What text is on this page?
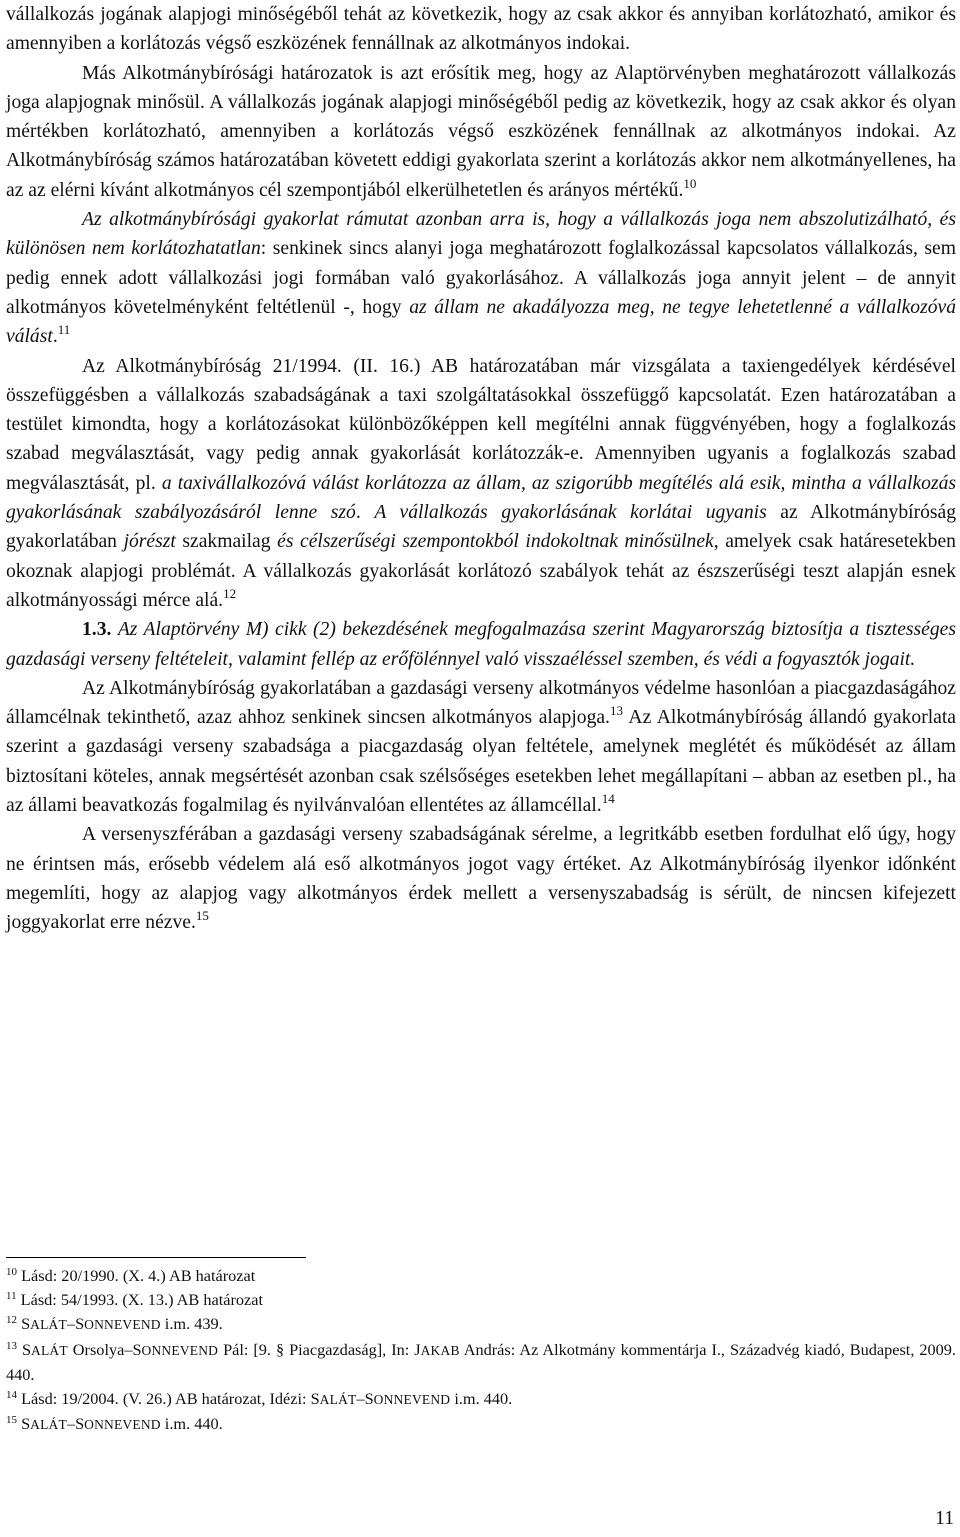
vállalkozás jogának alapjogi minőségéből tehát az következik, hogy az csak akkor és annyiban korlátozható, amikor és amennyiben a korlátozás végső eszközének fennállnak az alkotmányos indokai.

Más Alkotmánybírósági határozatok is azt erősítik meg, hogy az Alaptörvényben meghatározott vállalkozás joga alapjognak minősül. A vállalkozás jogának alapjogi minőségéből pedig az következik, hogy az csak akkor és olyan mértékben korlátozható, amennyiben a korlátozás végső eszközének fennállnak az alkotmányos indokai. Az Alkotmánybíróság számos határozatában követett eddigi gyakorlata szerint a korlátozás akkor nem alkotmányellenes, ha az az elérni kívánt alkotmányos cél szempontjából elkerülhetetlen és arányos mértékű.$^{10}$

Az alkotmánybírósági gyakorlat rámutat azonban arra is, hogy a vállalkozás joga nem abszolutizálható, és különösen nem korlátozhatatlan: senkinek sincs alanyi joga meghatározott foglalkozással kapcsolatos vállalkozás, sem pedig ennek adott vállalkozási jogi formában való gyakorlásához. A vállalkozás joga annyit jelent – de annyit alkotmányos követelményként feltétlenül -, hogy az állam ne akadályozza meg, ne tegye lehetetlenné a vállalkozóvá válást.$^{11}$

Az Alkotmánybíróság 21/1994. (II. 16.) AB határozatában már vizsgálata a taxiengedélyek kérdésével összefüggésben a vállalkozás szabadságának a taxi szolgáltatásokkal összefüggő kapcsolatát. Ezen határozatában a testület kimondta, hogy a korlátozásokat különbözőképpen kell megítélni annak függvényében, hogy a foglalkozás szabad megválasztását, vagy pedig annak gyakorlását korlátozzák-e. Amennyiben ugyanis a foglalkozás szabad megválasztását, pl. a taxivállalkozóvá válást korlátozza az állam, az szigorúbb megítélés alá esik, mintha a vállalkozás gyakorlásának szabályozásáról lenne szó. A vállalkozás gyakorlásának korlátai ugyanis az Alkotmánybíróság gyakorlatában jórészt szakmailag és célszerűségi szempontokból indokoltnak minősülnek, amelyek csak határesetekben okoznak alapjogi problémát. A vállalkozás gyakorlását korlátozó szabályok tehát az észszerűségi teszt alapján esnek alkotmányossági mérce alá.$^{12}$

1.3. Az Alaptörvény M) cikk (2) bekezdésének megfogalmazása szerint Magyarország biztosítja a tisztességes gazdasági verseny feltételeit, valamint fellép az erőfölénnyel való visszaéléssel szemben, és védi a fogyasztók jogait.

Az Alkotmánybíróság gyakorlatában a gazdasági verseny alkotmányos védelme hasonlóan a piacgazdaságához államcélnak tekinthető, azaz ahhoz senkinek sincsen alkotmányos alapjoga.$^{13}$ Az Alkotmánybíróság állandó gyakorlata szerint a gazdasági verseny szabadsága a piacgazdaság olyan feltétele, amelynek meglétét és működését az állam biztosítani köteles, annak megsértését azonban csak szélsőséges esetekben lehet megállapítani – abban az esetben pl., ha az állami beavatkozás fogalmilag és nyilvánvalóan ellentétes az államcéllal.$^{14}$

A versenyszférában a gazdasági verseny szabadságának sérelme, a legritkább esetben fordulhat elő úgy, hogy ne érintsen más, erősebb védelem alá eső alkotmányos jogot vagy értéket. Az Alkotmánybíróság ilyenkor időnként megemlíti, hogy az alapjog vagy alkotmányos érdek mellett a versenyszabadság is sérült, de nincsen kifejezett joggyakorlat erre nézve.$^{15}$

$^{10}$ Lásd: 20/1990. (X. 4.) AB határozat

$^{11}$ Lásd: 54/1993. (X. 13.) AB határozat

$^{12}$ SALÁT–SONNEVEND i.m. 439.

$^{13}$ SALÁT Orsolya–SONNEVEND Pál: [9. § Piacgazdaság], In: JAKAB András: Az Alkotmány kommentárja I., Századvég kiadó, Budapest, 2009. 440.

$^{14}$ Lásd: 19/2004. (V. 26.) AB határozat, Idézi: SALÁT–SONNEVEND i.m. 440.

$^{15}$ SALÁT–SONNEVEND i.m. 440.

11
